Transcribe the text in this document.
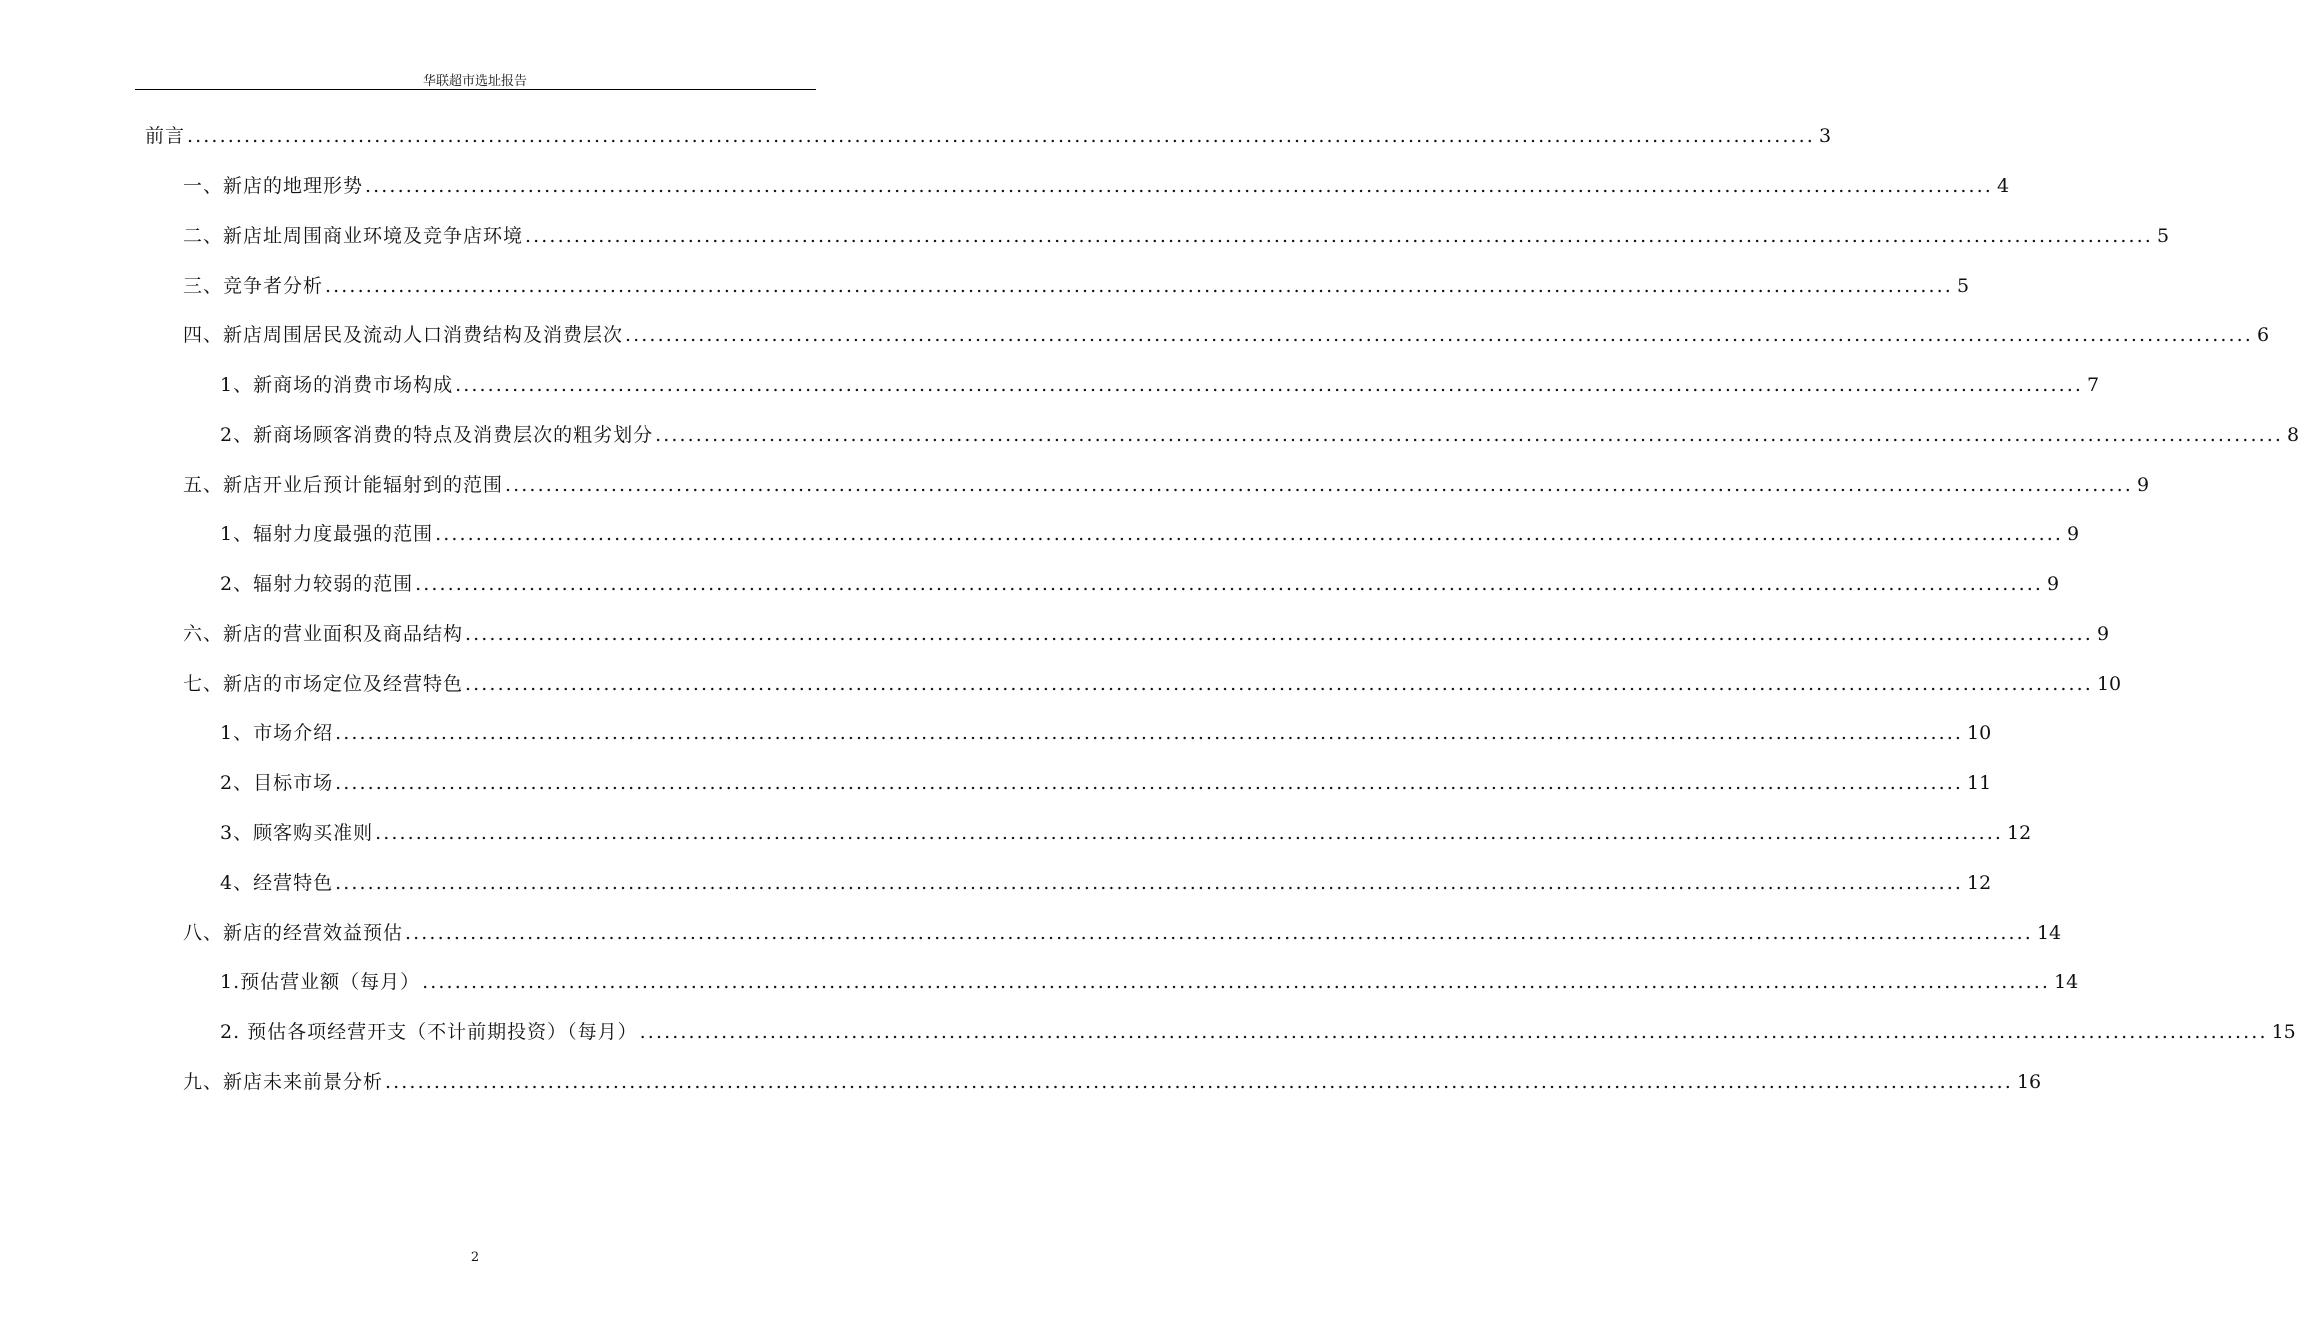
华联超市选址报告
前言 ........................................................................................................................................................................................................ 3
一、新店的地理形势 ........................................................................................................................................................................................................ 4
二、新店址周围商业环境及竞争店环境 ........................................................................................................................................................................................................ 5
三、竞争者分析 ........................................................................................................................................................................................................ 5
四、新店周围居民及流动人口消费结构及消费层次 ........................................................................................................................................................................................................ 6
1、新商场的消费市场构成 ........................................................................................................................................................................................................ 7
2、新商场顾客消费的特点及消费层次的粗劣划分 ........................................................................................................................................................................................................ 8
五、新店开业后预计能辐射到的范围 ........................................................................................................................................................................................................ 9
1、辐射力度最强的范围 ........................................................................................................................................................................................................ 9
2、辐射力较弱的范围 ........................................................................................................................................................................................................ 9
六、新店的营业面积及商品结构 ........................................................................................................................................................................................................ 9
七、新店的市场定位及经营特色 ........................................................................................................................................................................................................ 10
1、市场介绍 ........................................................................................................................................................................................................ 10
2、目标市场 ........................................................................................................................................................................................................ 11
3、顾客购买准则 ........................................................................................................................................................................................................ 12
4、经营特色 ........................................................................................................................................................................................................ 12
八、新店的经营效益预估 ........................................................................................................................................................................................................ 14
1.预估营业额（每月） ........................................................................................................................................................................................................ 14
2. 预估各项经营开支（不计前期投资）（每月） ........................................................................................................................................................................................................ 15
九、新店未来前景分析 ........................................................................................................................................................................................................ 16
2
